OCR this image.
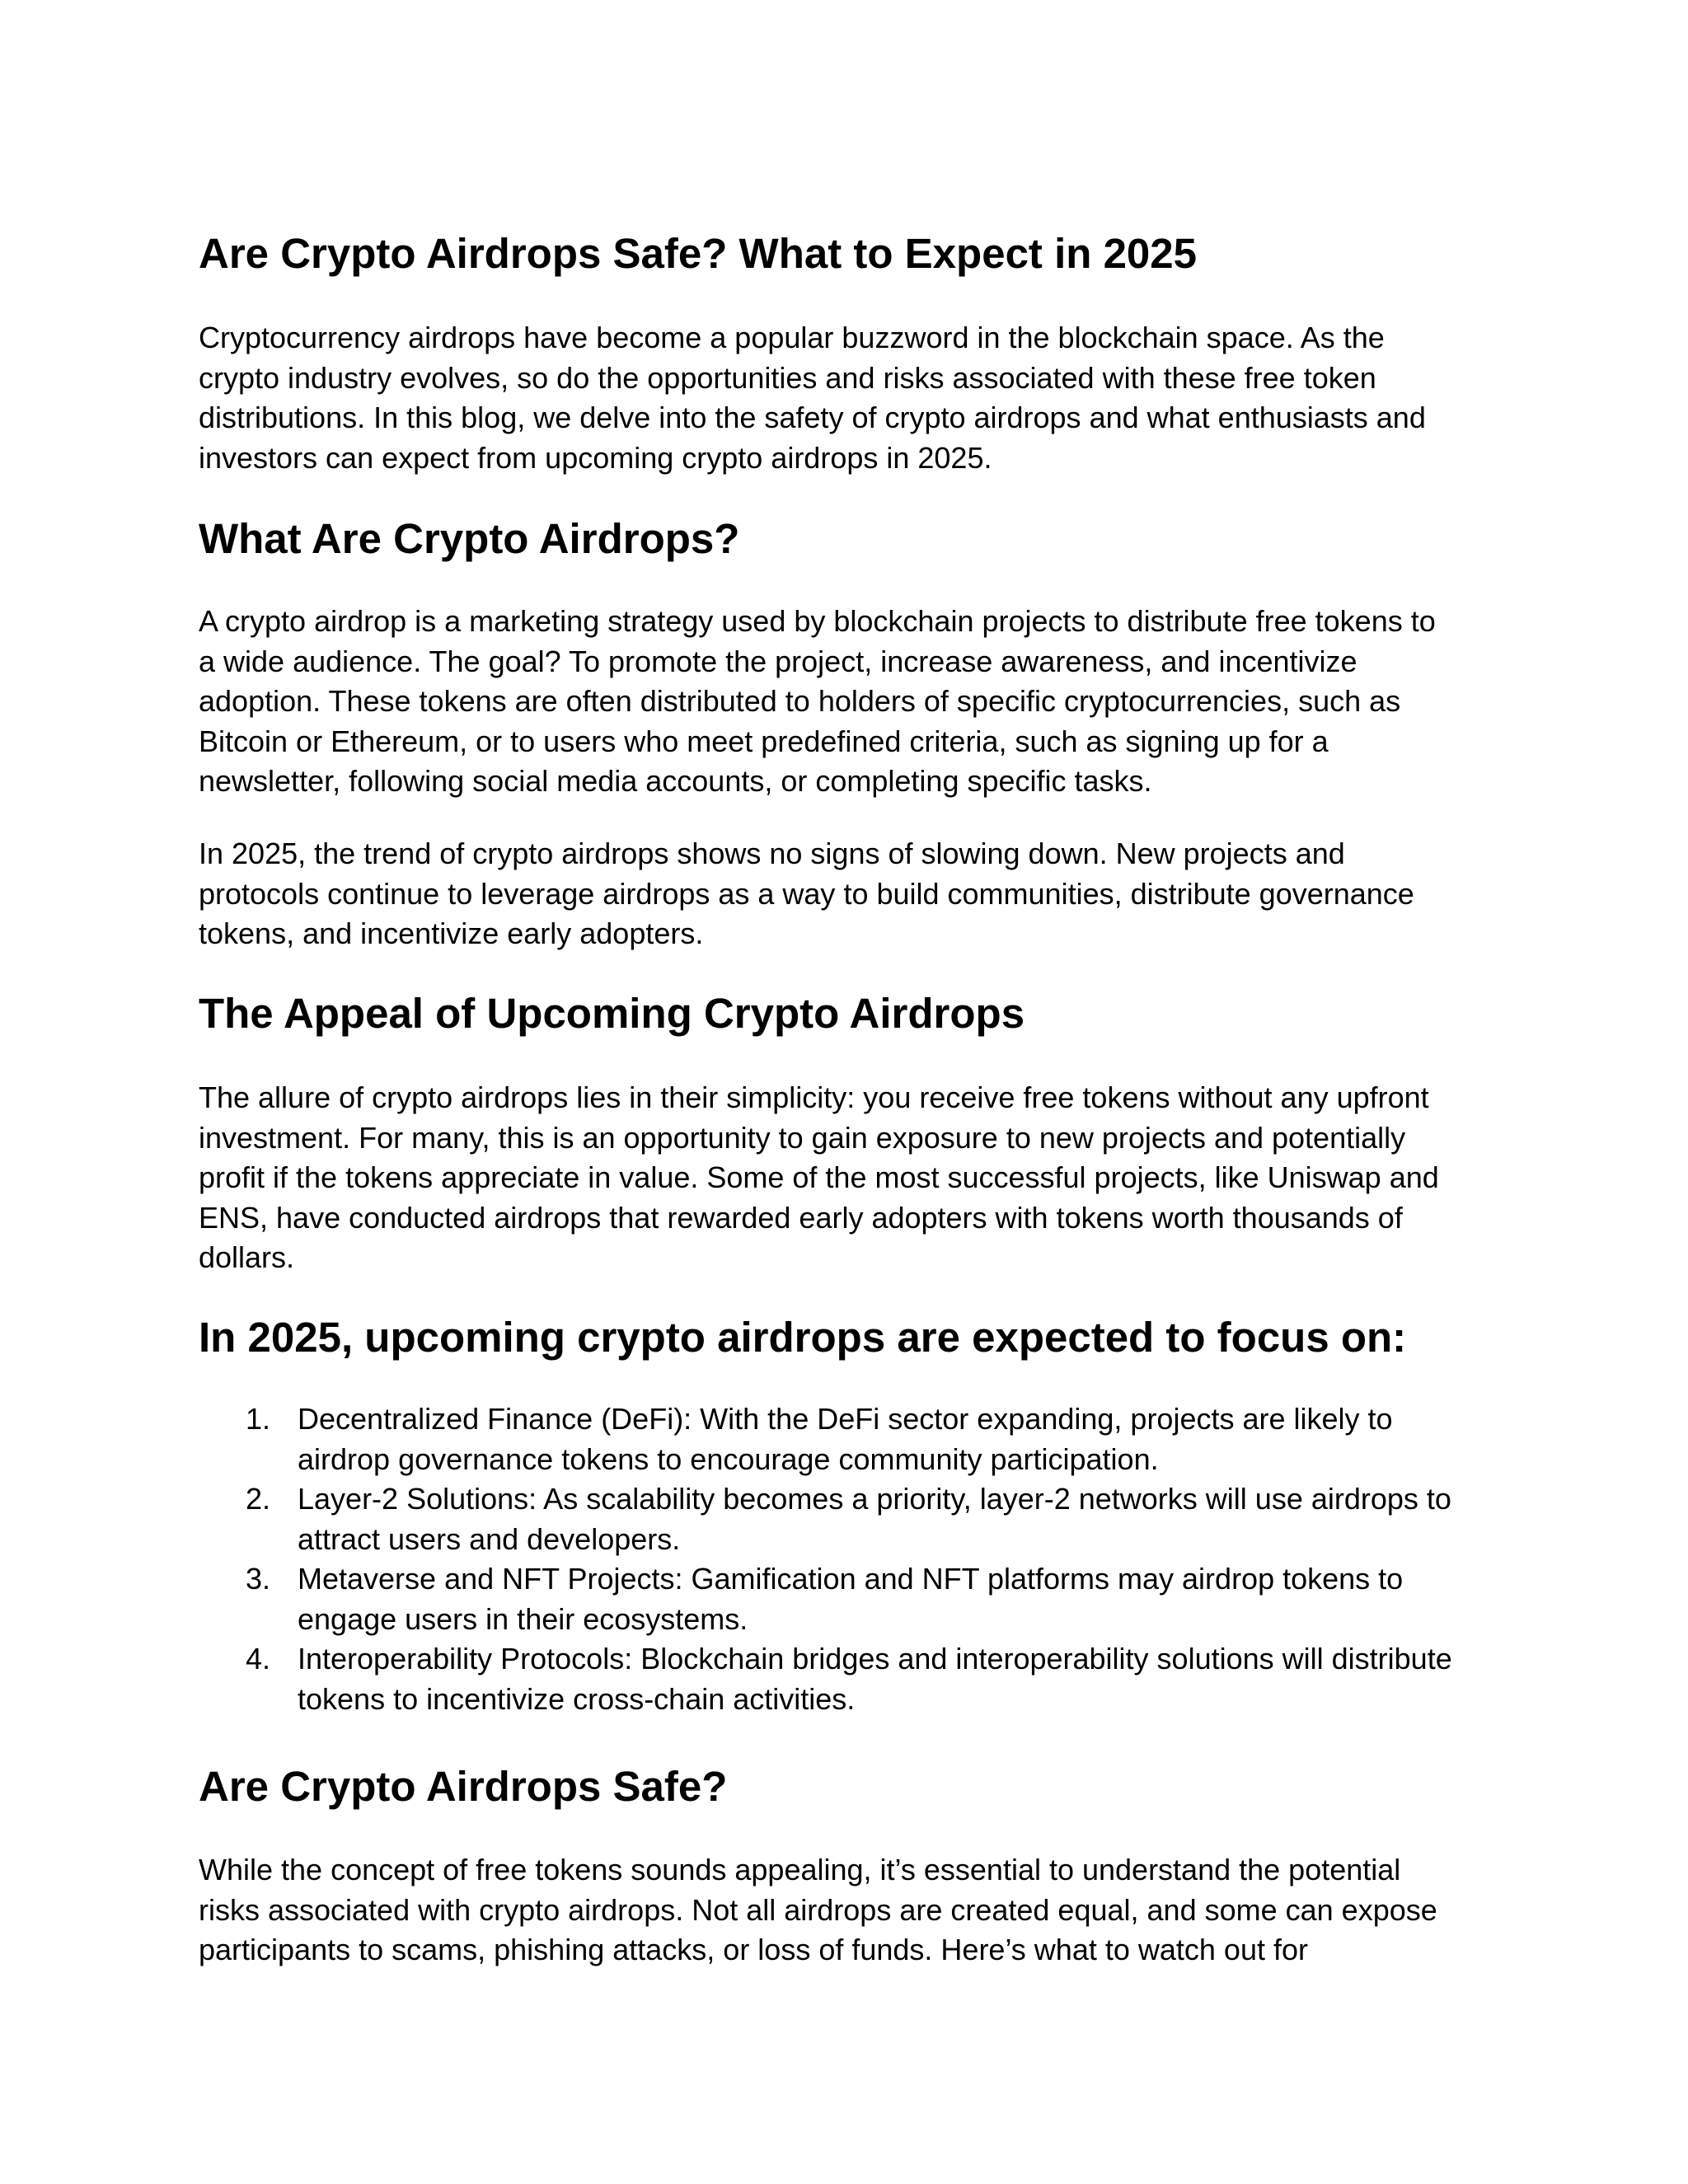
Are Crypto Airdrops Safe? What to Expect in 2025

Cryptocurrency airdrops have become a popular buzzword in the blockchain space. As the
crypto industry evolves, so do the opportunities and risks associated with these free token
distributions. In this blog, we delve into the safety of crypto airdrops and what enthusiasts and
investors can expect from upcoming crypto airdrops in 2025.

What Are Crypto Airdrops?

A crypto airdrop is a marketing strategy used by blockchain projects to distribute free tokens to
a wide audience. The goal? To promote the project, increase awareness, and incentivize
adoption. These tokens are often distributed to holders of specific cryptocurrencies, such as
Bitcoin or Ethereum, or to users who meet predefined criteria, such as signing up for a
newsletter, following social media accounts, or completing specific tasks.

In 2025, the trend of crypto airdrops shows no signs of slowing down. New projects and
protocols continue to leverage airdrops as a way to build communities, distribute governance
tokens, and incentivize early adopters.

The Appeal of Upcoming Crypto Airdrops

The allure of crypto airdrops lies in their simplicity: you receive free tokens without any upfront
investment. For many, this is an opportunity to gain exposure to new projects and potentially
profit if the tokens appreciate in value. Some of the most successful projects, like Uniswap and
ENS, have conducted airdrops that rewarded early adopters with tokens worth thousands of
dollars.

In 2025, upcoming crypto airdrops are expected to focus on:
1. Decentralized Finance (DeFi): With the DeFi sector expanding, projects are likely to
airdrop governance tokens to encourage community participation.
2. Layer-2 Solutions: As scalability becomes a priority, layer-2 networks will use airdrops to
attract users and developers.
3. Metaverse and NFT Projects: Gamification and NFT platforms may airdrop tokens to
engage users in their ecosystems.
4. Interoperability Protocols: Blockchain bridges and interoperability solutions will distribute
tokens to incentivize cross-chain activities.
Are Crypto Airdrops Safe?

While the concept of free tokens sounds appealing, it’s essential to understand the potential
risks associated with crypto airdrops. Not all airdrops are created equal, and some can expose
participants to scams, phishing attacks, or loss of funds. Here’s what to watch out for
